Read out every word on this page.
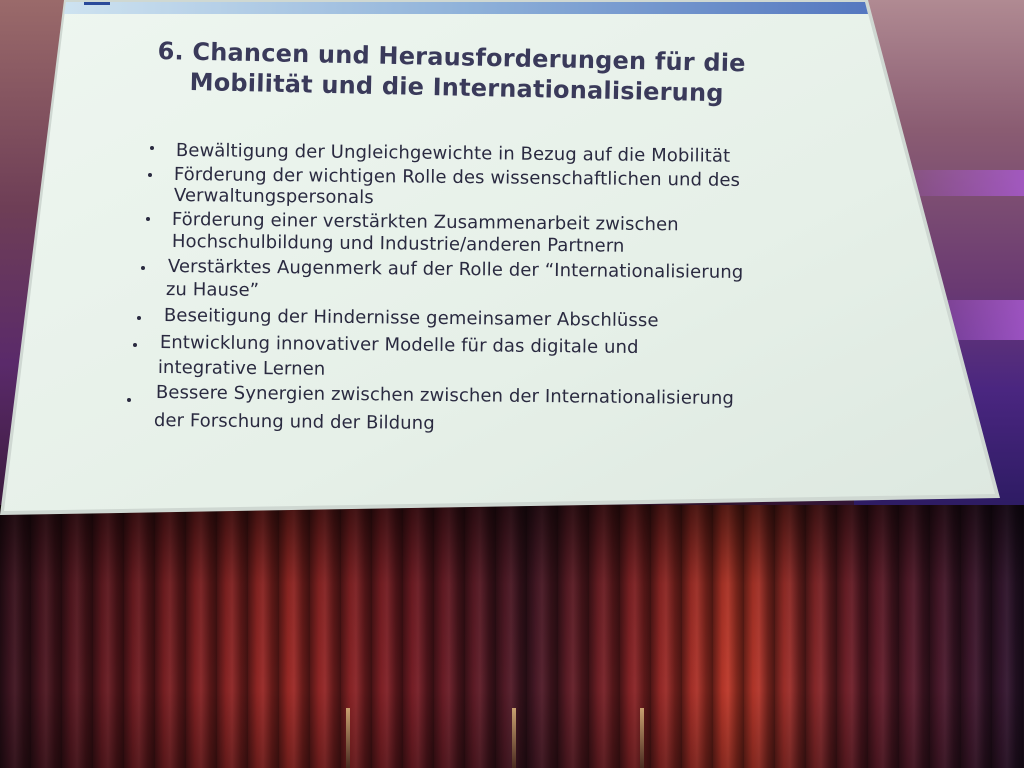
6. Chancen und Herausforderungen für die
Mobilität und die Internationalisierung
Bewältigung der Ungleichgewichte in Bezug auf die Mobilität
Förderung der wichtigen Rolle des wissenschaftlichen und des
Verwaltungspersonals
Förderung einer verstärkten Zusammenarbeit zwischen
Hochschulbildung und Industrie/anderen Partnern
Verstärktes Augenmerk auf der Rolle der “Internationalisierung
zu Hause”
Beseitigung der Hindernisse gemeinsamer Abschlüsse
Entwicklung innovativer Modelle für das digitale und
integrative Lernen
Bessere Synergien zwischen zwischen der Internationalisierung
der Forschung und der Bildung
